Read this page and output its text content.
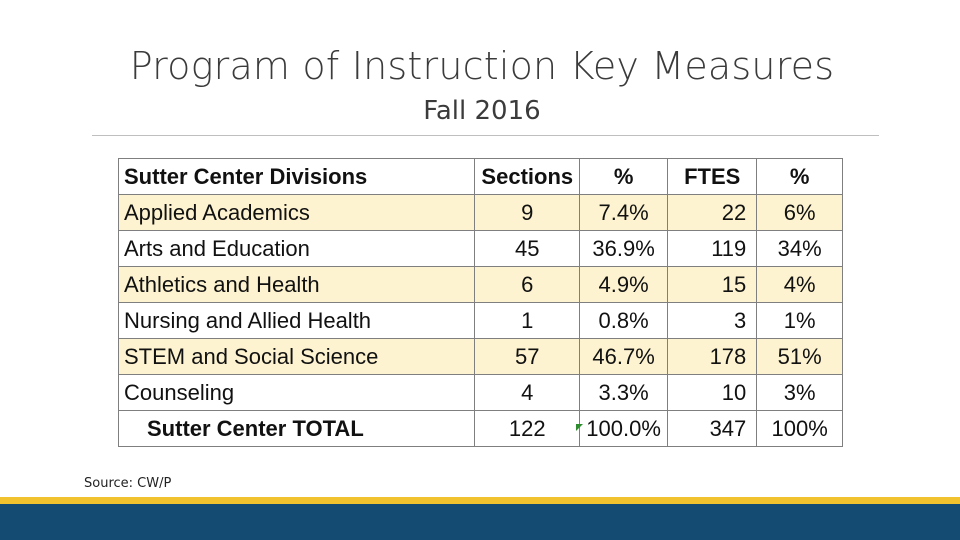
Program of Instruction Key Measures
Fall 2016
Sutter Center Divisions	Sections	%	FTES	%
Applied Academics	9	7.4%	22	6%
Arts and Education	45	36.9%	119	34%
Athletics and Health	6	4.9%	15	4%
Nursing and Allied Health	1	0.8%	3	1%
STEM and Social Science	57	46.7%	178	51%
Counseling	4	3.3%	10	3%
Sutter Center TOTAL	122	100.0%	347	100%
Source: CW/P
